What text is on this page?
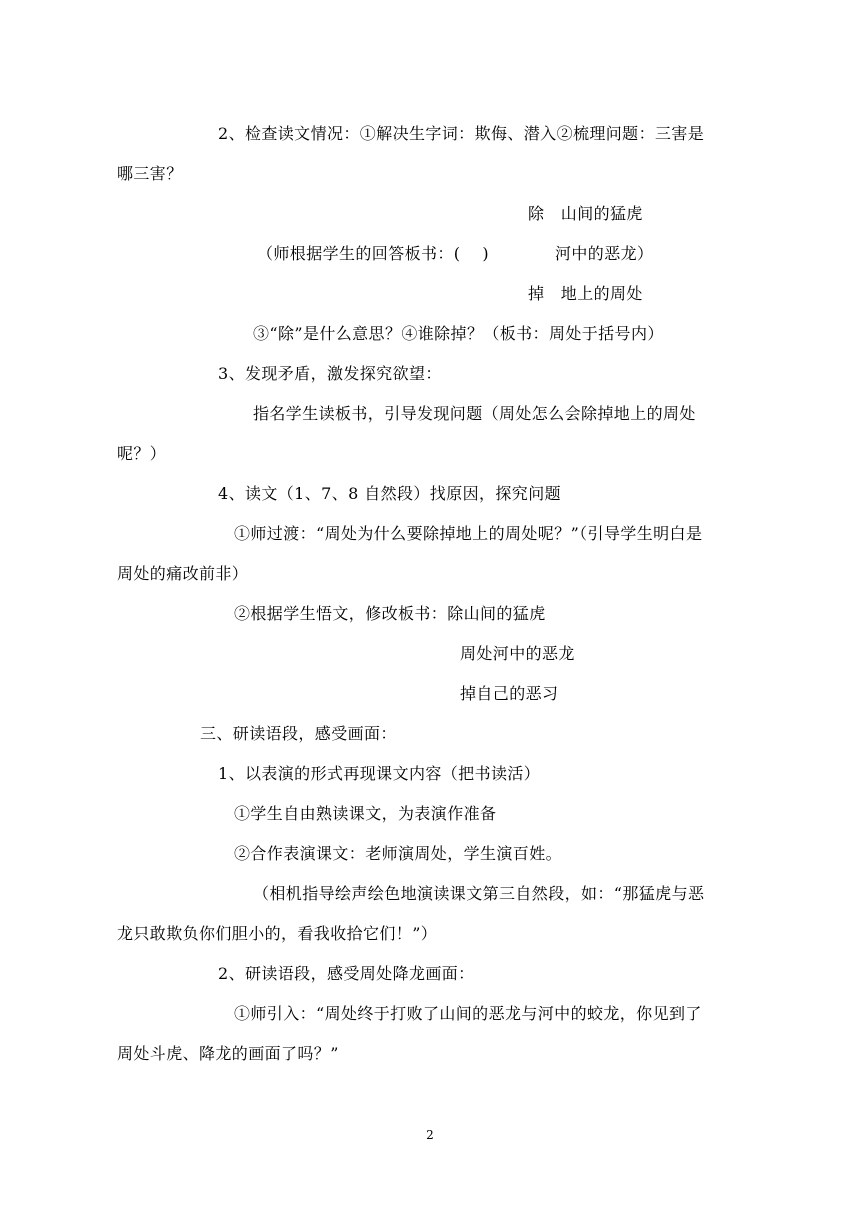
2、检查读文情况：①解决生字词：欺侮、潜入②梳理问题：三害是
哪三害？
除　山间的猛虎
（师根据学生的回答板书：(　 )	河中的恶龙）
掉　地上的周处
③“除”是什么意思？④谁除掉？（板书：周处于括号内）
3、发现矛盾，激发探究欲望：
指名学生读板书，引导发现问题（周处怎么会除掉地上的周处
呢？）
4、读文（1、7、8 自然段）找原因，探究问题
①师过渡：“周处为什么要除掉地上的周处呢？”（引导学生明白是
周处的痛改前非）
②根据学生悟文，修改板书：除山间的猛虎
周处河中的恶龙
掉自己的恶习
三、研读语段，感受画面：
1、以表演的形式再现课文内容（把书读活）
①学生自由熟读课文，为表演作准备
②合作表演课文：老师演周处，学生演百姓。
（相机指导绘声绘色地演读课文第三自然段，如：“那猛虎与恶
龙只敢欺负你们胆小的，看我收拾它们！”）
2、研读语段，感受周处降龙画面：
①师引入：“周处终于打败了山间的恶龙与河中的蛟龙，你见到了
周处斗虎、降龙的画面了吗？”
2
